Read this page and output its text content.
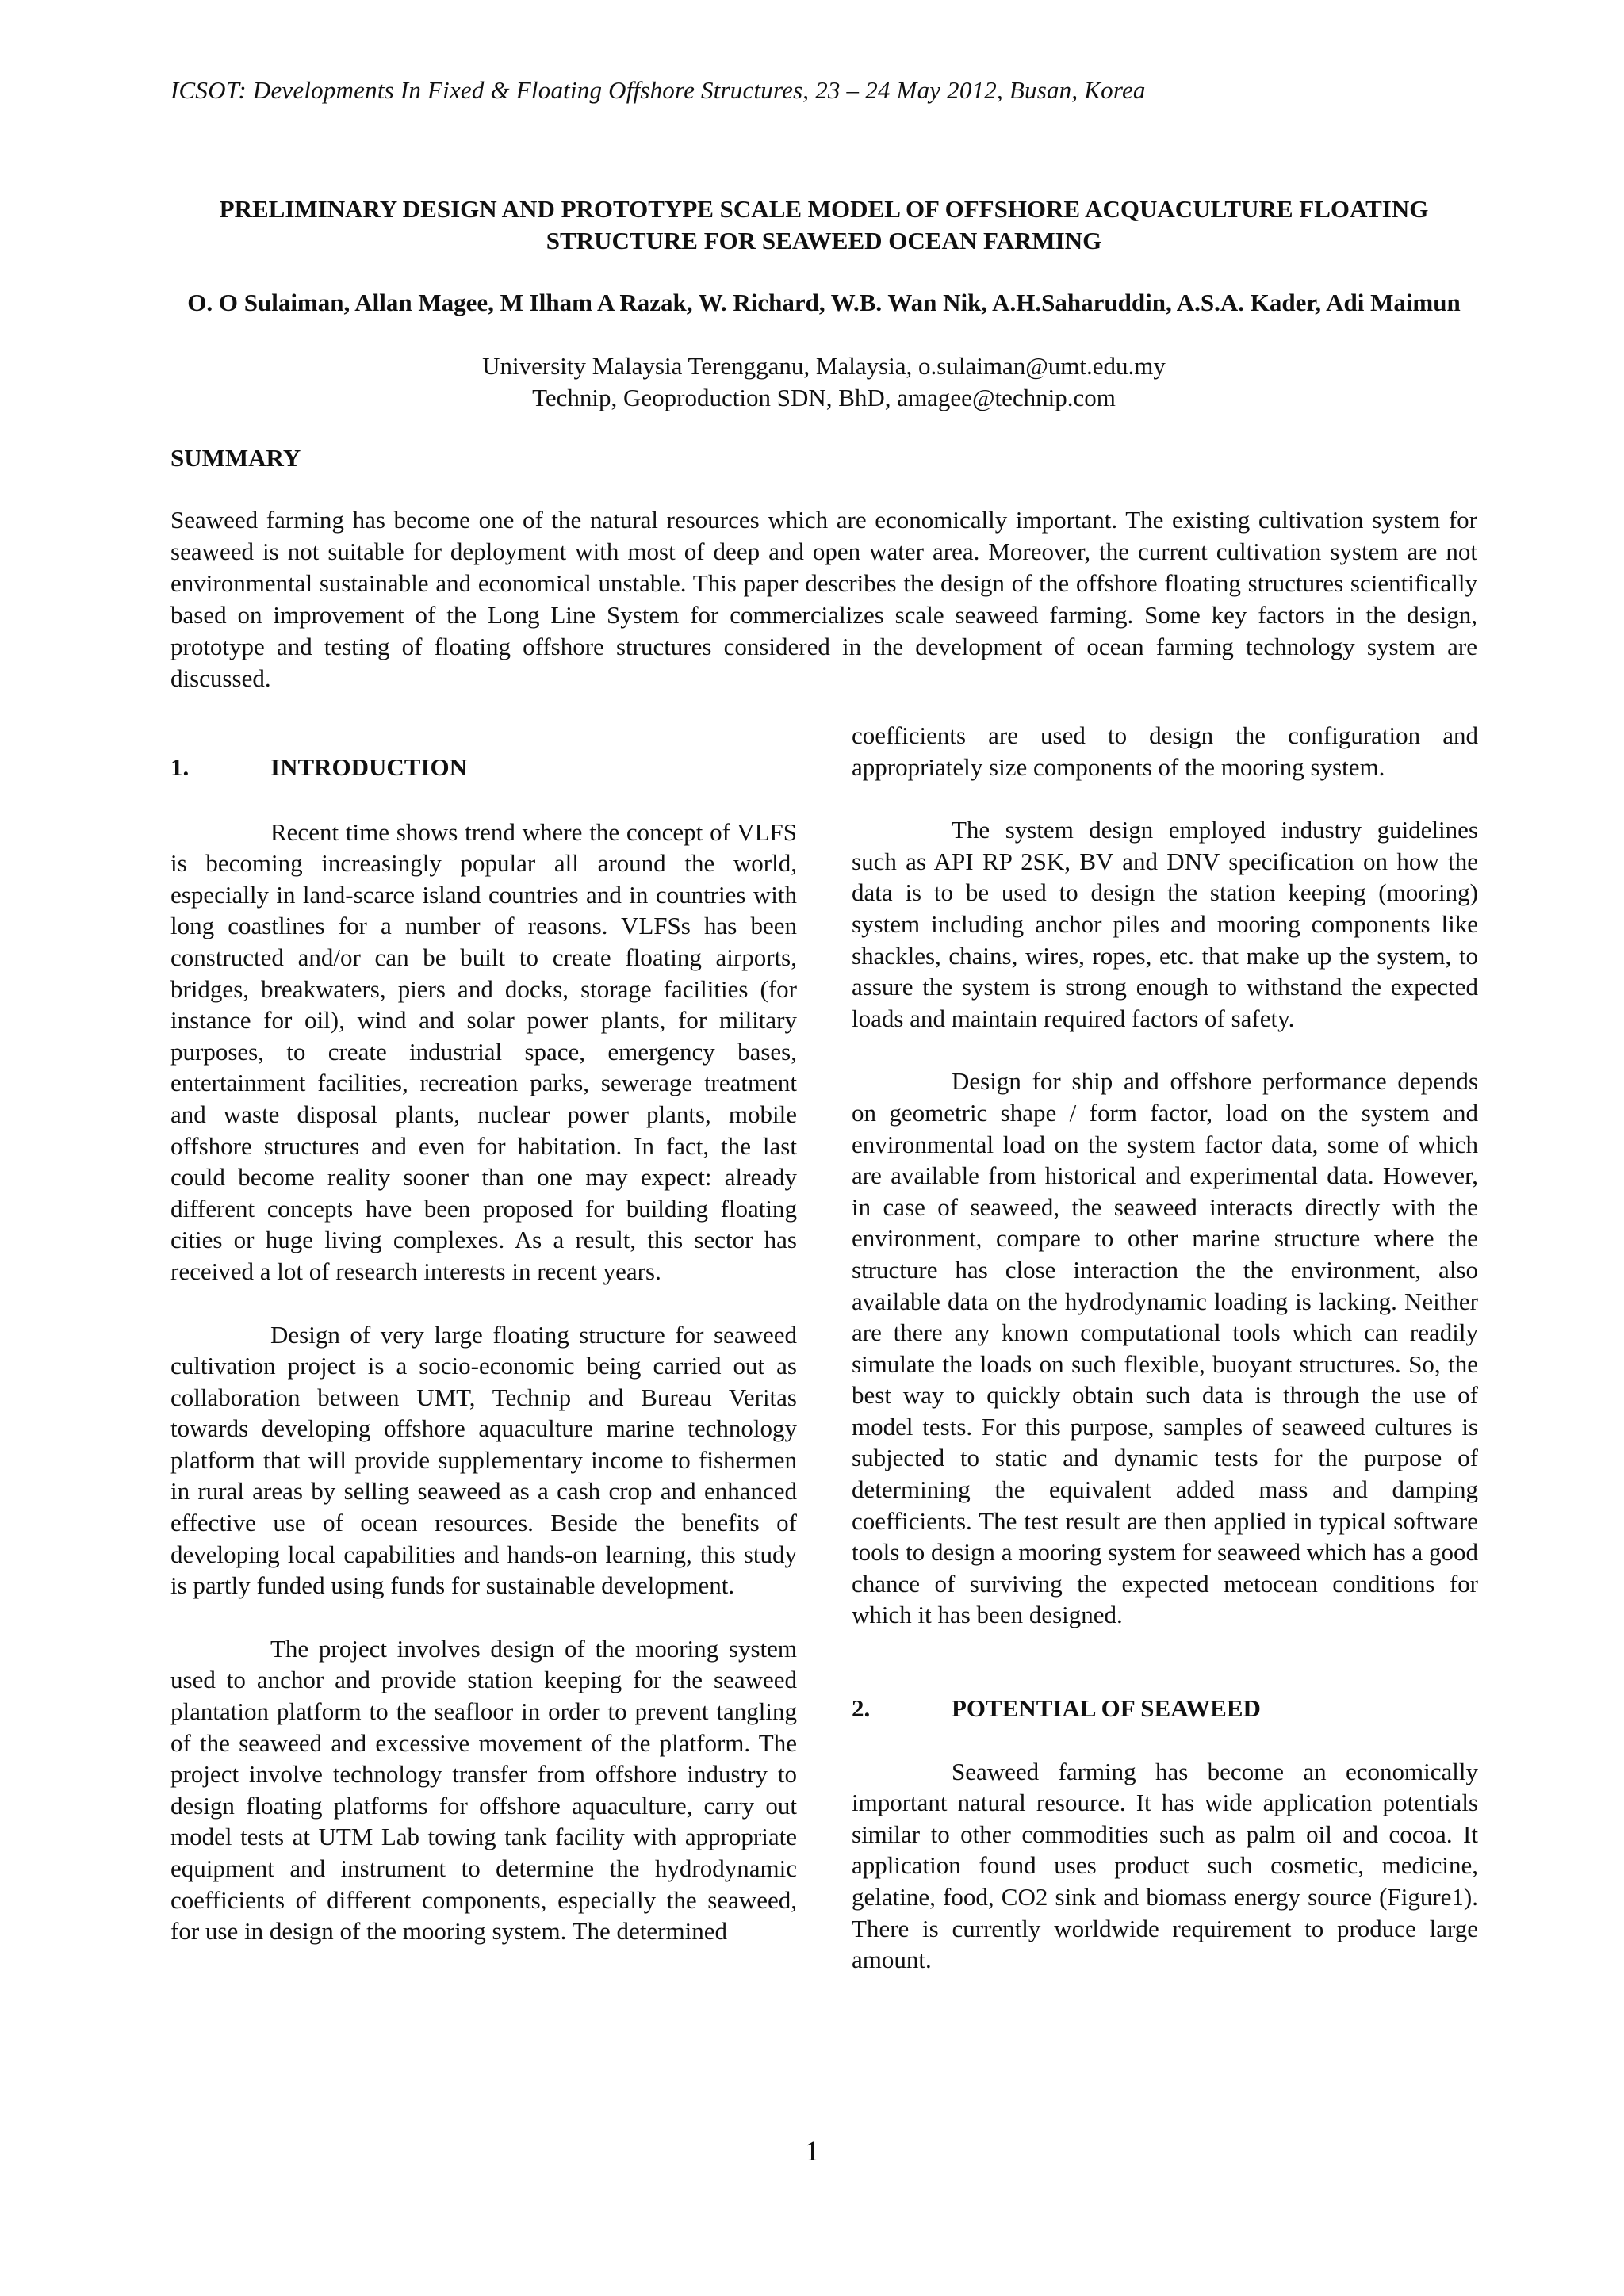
ICSOT: Developments In Fixed & Floating Offshore Structures, 23 – 24 May 2012, Busan, Korea
PRELIMINARY DESIGN AND PROTOTYPE SCALE MODEL OF OFFSHORE ACQUACULTURE FLOATING STRUCTURE FOR SEAWEED OCEAN FARMING
O. O Sulaiman, Allan Magee, M Ilham A Razak, W. Richard, W.B. Wan Nik, A.H.Saharuddin, A.S.A. Kader, Adi Maimun
University Malaysia Terengganu, Malaysia, o.sulaiman@umt.edu.my
Technip, Geoproduction SDN, BhD, amagee@technip.com
SUMMARY

Seaweed farming has become one of the natural resources which are economically important. The existing cultivation system for seaweed is not suitable for deployment with most of deep and open water area. Moreover, the current cultivation system are not environmental sustainable and economical unstable. This paper describes the design of the offshore floating structures scientifically based on improvement of the Long Line System for commercializes scale seaweed farming. Some key factors in the design, prototype and testing of floating offshore structures considered in the development of ocean farming technology system are discussed.

1.	INTRODUCTION

Recent time shows trend where the concept of VLFS is becoming increasingly popular all around the world, especially in land-scarce island countries and in countries with long coastlines for a number of reasons. VLFSs has been constructed and/or can be built to create floating airports, bridges, breakwaters, piers and docks, storage facilities (for instance for oil), wind and solar power plants, for military purposes, to create industrial space, emergency bases, entertainment facilities, recreation parks, sewerage treatment and waste disposal plants, nuclear power plants, mobile offshore structures and even for habitation. In fact, the last could become reality sooner than one may expect: already different concepts have been proposed for building floating cities or huge living complexes. As a result, this sector has received a lot of research interests in recent years.

Design of very large floating structure for seaweed cultivation project is a socio-economic being carried out as collaboration between UMT, Technip and Bureau Veritas towards developing offshore aquaculture marine technology platform that will provide supplementary income to fishermen in rural areas by selling seaweed as a cash crop and enhanced effective use of ocean resources. Beside the benefits of developing local capabilities and hands-on learning, this study is partly funded using funds for sustainable development.

The project involves design of the mooring system used to anchor and provide station keeping for the seaweed plantation platform to the seafloor in order to prevent tangling of the seaweed and excessive movement of the platform. The project involve technology transfer from offshore industry to design floating platforms for offshore aquaculture, carry out model tests at UTM Lab towing tank facility with appropriate equipment and instrument to determine the hydrodynamic coefficients of different components, especially the seaweed, for use in design of the mooring system. The determined

coefficients are used to design the configuration and appropriately size components of the mooring system.

The system design employed industry guidelines such as API RP 2SK, BV and DNV specification on how the data is to be used to design the station keeping (mooring) system including anchor piles and mooring components like shackles, chains, wires, ropes, etc. that make up the system, to assure the system is strong enough to withstand the expected loads and maintain required factors of safety.

Design for ship and offshore performance depends on geometric shape / form factor, load on the system and environmental load on the system factor data, some of which are available from historical and experimental data. However, in case of seaweed, the seaweed interacts directly with the environment, compare to other marine structure where the structure has close interaction the the environment, also available data on the hydrodynamic loading is lacking. Neither are there any known computational tools which can readily simulate the loads on such flexible, buoyant structures. So, the best way to quickly obtain such data is through the use of model tests. For this purpose, samples of seaweed cultures is subjected to static and dynamic tests for the purpose of determining the equivalent added mass and damping coefficients. The test result are then applied in typical software tools to design a mooring system for seaweed which has a good chance of surviving the expected metocean conditions for which it has been designed.

2.	POTENTIAL OF SEAWEED

Seaweed farming has become an economically important natural resource. It has wide application potentials similar to other commodities such as palm oil and cocoa. It application found uses product such cosmetic, medicine, gelatine, food, CO2 sink and biomass energy source (Figure1). There is currently worldwide requirement to produce large amount.

1
